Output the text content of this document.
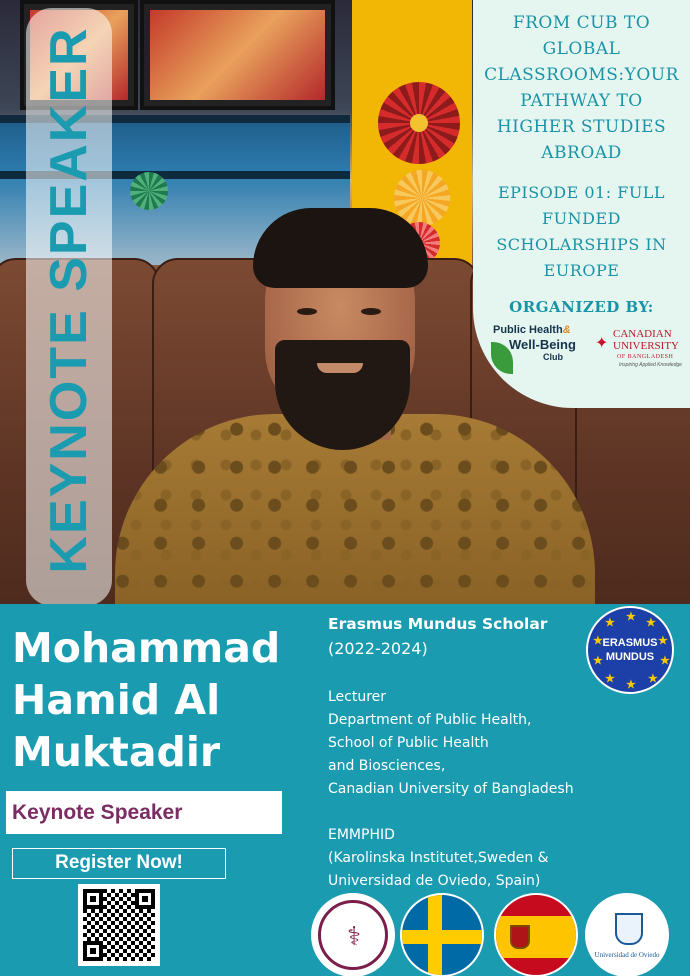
KEYNOTE SPEAKER
FROM CUB TO GLOBAL CLASSROOMS:YOUR PATHWAY TO HIGHER STUDIES ABROAD
EPISODE 01: FULL FUNDED SCHOLARSHIPS IN EUROPE
ORGANIZED BY:
Public Health&
Well-Being
Club
✦ CANADIAN
UNIVERSITY
OF BANGLADESH
Inspiring Applied Knowledge
Mohammad
Hamid Al
Muktadir
Keynote Speaker
Register Now!
Erasmus Mundus Scholar
(2022-2024)
Lecturer
Department of Public Health,
School of Public Health
and Biosciences,
Canadian University of Bangladesh
EMMPHID
(Karolinska Institutet,Sweden &
Universidad de Oviedo, Spain)
★ ★
★
★
★
★
★
★
★
★
ERASMUS
MUNDUS
⚕
Universidad de Oviedo
